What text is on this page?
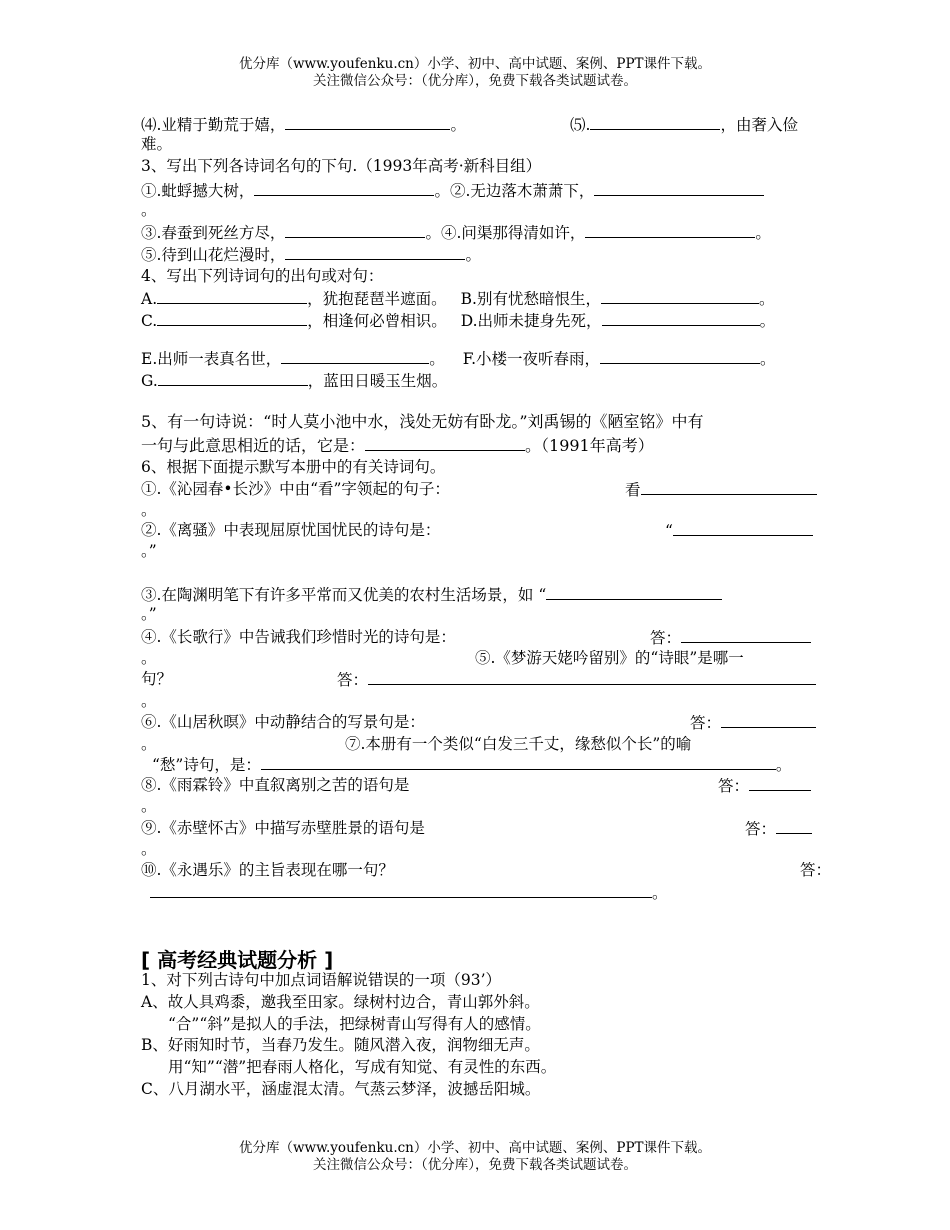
优分库（www.youfenku.cn）小学、初中、高中试题、案例、PPT课件下载。
关注微信公众号：（优分库），免费下载各类试题试卷。
⑷.业精于勤荒于嬉，	。	⑸.	，由奢入俭
难。
3、写出下列各诗词名句的下句.（1993年高考·新科目组）
①.蚍蜉撼大树，	。②.无边落木萧萧下，
。
③.春蚕到死丝方尽，	。④.问渠那得清如许，	。
⑤.待到山花烂漫时，	。
4、写出下列诗词句的出句或对句：
A.	，犹抱琵琶半遮面。 B.别有忧愁暗恨生，	。
C.	，相逢何必曾相识。 D.出师未捷身先死，	。
E.出师一表真名世，	。 F.小楼一夜听春雨，	。
G.	，蓝田日暖玉生烟。
5、有一句诗说：“时人莫小池中水，浅处无妨有卧龙。”刘禹锡的《陋室铭》中有
一句与此意思相近的话，它是：	。（1991年高考）
6、根据下面提示默写本册中的有关诗词句。
①.《沁园春•长沙》中由“看”字领起的句子：	看
。
②.《离骚》中表现屈原忧国忧民的诗句是：	“
。”
③.在陶渊明笔下有许多平常而又优美的农村生活场景，如 “
。”
④.《长歌行》中告诫我们珍惜时光的诗句是：	答：
。	⑤.《梦游天姥吟留别》的“诗眼”是哪一
句？	答：
。
⑥.《山居秋暝》中动静结合的写景句是：	答：
。	⑦.本册有一个类似“白发三千丈，缘愁似个长”的喻
“愁”诗句，是：	。
⑧.《雨霖铃》中直叙离别之苦的语句是	答：
。
⑨.《赤壁怀古》中描写赤壁胜景的语句是	答：
。
⑩.《永遇乐》的主旨表现在哪一句？	答：
。
[ 高考经典试题分析 ]
1、对下列古诗句中加点词语解说错误的一项（93’）
A、故人具鸡黍，邀我至田家。绿树村边合，青山郭外斜。
“合”“斜”是拟人的手法，把绿树青山写得有人的感情。
B、好雨知时节，当春乃发生。随风潜入夜，润物细无声。
用“知”“潜”把春雨人格化，写成有知觉、有灵性的东西。
C、八月湖水平，涵虚混太清。气蒸云梦泽，波撼岳阳城。
优分库（www.youfenku.cn）小学、初中、高中试题、案例、PPT课件下载。
关注微信公众号：（优分库），免费下载各类试题试卷。
